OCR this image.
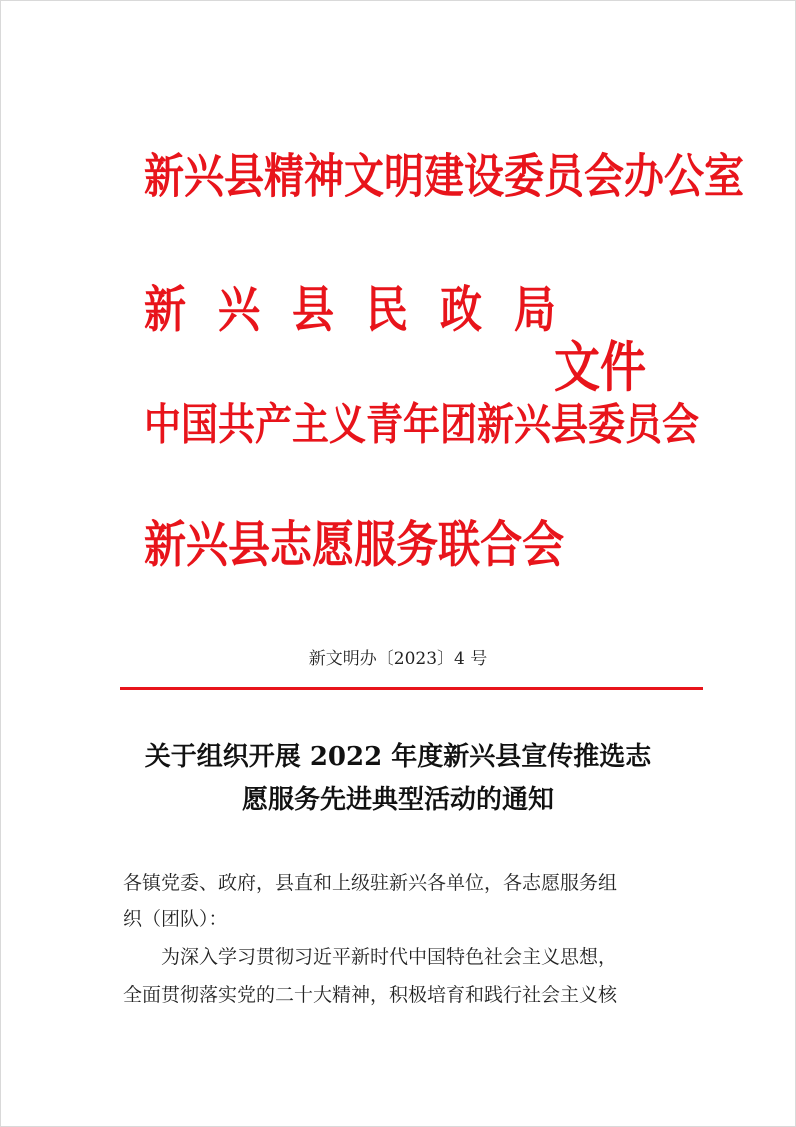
新 兴 县 精 神 文 明 建 设 委 员 会 办 公 室
新 兴 县 民 政 局
中 国 共 产 主 义 青 年 团 新 兴 县 委 员 会
新 兴 县 志 愿 服 务 联 合 会
文件
新文明办〔2023〕4 号
关于组织开展 2022 年度新兴县宣传推选志
愿服务先进典型活动的通知
各镇党委、政府，县直和上级驻新兴各单位，各志愿服务组
织（团队）：
为深入学习贯彻习近平新时代中国特色社会主义思想，
全面贯彻落实党的二十大精神，积极培育和践行社会主义核
